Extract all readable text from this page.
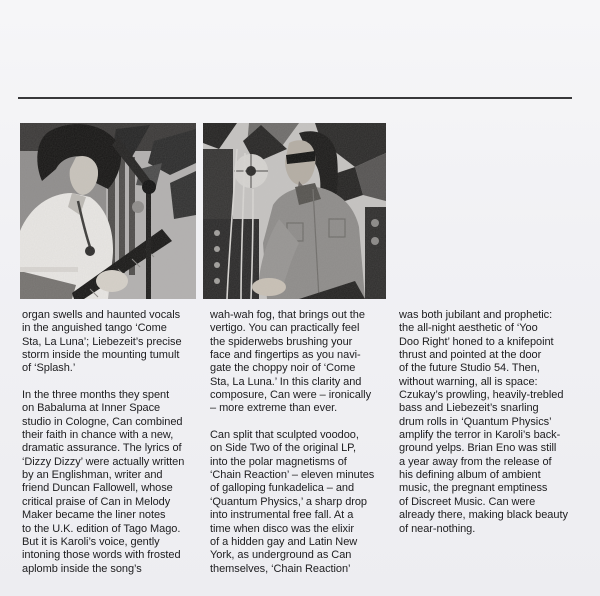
organ swells and haunted vocals
in the anguished tango ‘Come
Sta, La Luna’; Liebezeit’s precise
storm inside the mounting tumult
of ‘Splash.’
In the three months they spent
on Babaluma at Inner Space
studio in Cologne, Can combined
their faith in chance with a new,
dramatic assurance. The lyrics of
‘Dizzy Dizzy’ were actually written
by an Englishman, writer and
friend Duncan Fallowell, whose
critical praise of Can in Melody
Maker became the liner notes
to the U.K. edition of Tago Mago.
But it is Karoli’s voice, gently
intoning those words with frosted
aplomb inside the song’s
wah-wah fog, that brings out the
vertigo. You can practically feel
the spiderwebs brushing your
face and fingertips as you navi-
gate the choppy noir of ‘Come
Sta, La Luna.’ In this clarity and
composure, Can were – ironically
– more extreme than ever.
Can split that sculpted voodoo,
on Side Two of the original LP,
into the polar magnetisms of
‘Chain Reaction’ – eleven minutes
of galloping funkadelica – and
‘Quantum Physics,’ a sharp drop
into instrumental free fall. At a
time when disco was the elixir
of a hidden gay and Latin New
York, as underground as Can
themselves, ‘Chain Reaction’
was both jubilant and prophetic:
the all-night aesthetic of ‘Yoo
Doo Right’ honed to a knifepoint
thrust and pointed at the door
of the future Studio 54. Then,
without warning, all is space:
Czukay’s prowling, heavily-trebled
bass and Liebezeit’s snarling
drum rolls in ‘Quantum Physics’
amplify the terror in Karoli’s back-
ground yelps. Brian Eno was still
a year away from the release of
his defining album of ambient
music, the pregnant emptiness
of Discreet Music. Can were
already there, making black beauty
of near-nothing.
